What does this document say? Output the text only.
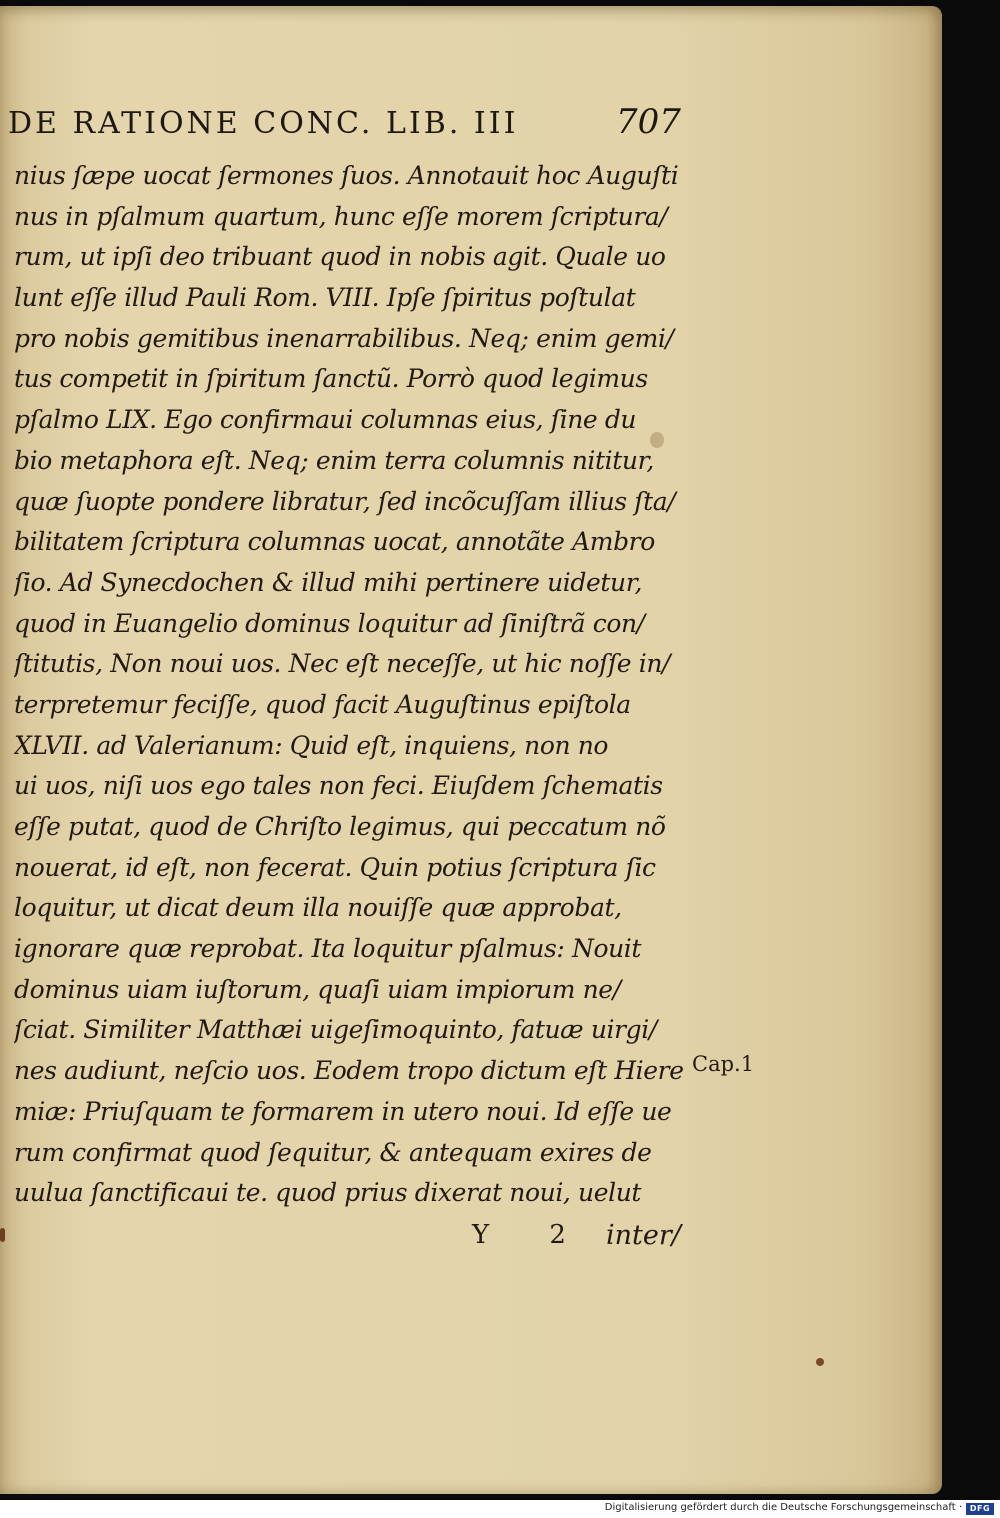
DE RATIONE CONC. LIB. III	707
nius ſæpe uocat ſermones ſuos. Annotauit hoc Auguſti
nus in pſalmum quartum, hunc eſſe morem ſcriptura/
rum, ut ipſi deo tribuant quod in nobis agit. Quale uo
lunt eſſe illud Pauli Rom. VIII. Ipſe ſpiritus poſtulat
pro nobis gemitibus inenarrabilibus. Neq; enim gemi/
tus competit in ſpiritum ſanctũ. Porrò quod legimus
pſalmo LIX. Ego confirmaui columnas eius, ſine du
bio metaphora eſt. Neq; enim terra columnis nititur,
quæ ſuopte pondere libratur, ſed incõcuſſam illius ſta/
bilitatem ſcriptura columnas uocat, annotãte Ambro
ſio. Ad Synecdochen & illud mihi pertinere uidetur,
quod in Euangelio dominus loquitur ad ſiniſtrã con/
ſtitutis, Non noui uos. Nec eſt neceſſe, ut hic noſſe in/
terpretemur feciſſe, quod facit Auguſtinus epiſtola
XLVII. ad Valerianum: Quid eſt, inquiens, non no
ui uos, niſi uos ego tales non feci. Eiuſdem ſchematis
eſſe putat, quod de Chriſto legimus, qui peccatum nõ
nouerat, id eſt, non fecerat. Quin potius ſcriptura ſic
loquitur, ut dicat deum illa nouiſſe quæ approbat,
ignorare quæ reprobat. Ita loquitur pſalmus: Nouit
dominus uiam iuſtorum, quaſi uiam impiorum ne/
ſciat. Similiter Matthæi uigeſimoquinto, fatuæ uirgi/
nes audiunt, neſcio uos. Eodem tropo dictum eſt Hiere
miæ: Priuſquam te formarem in utero noui. Id eſſe ue
rum confirmat quod ſequitur, & antequam exires de
uulua ſanctificaui te. quod prius dixerat noui, uelut
Cap.1
Y 2 inter/
Digitalisierung gefördert durch die Deutsche Forschungsgemeinschaft · DFG
